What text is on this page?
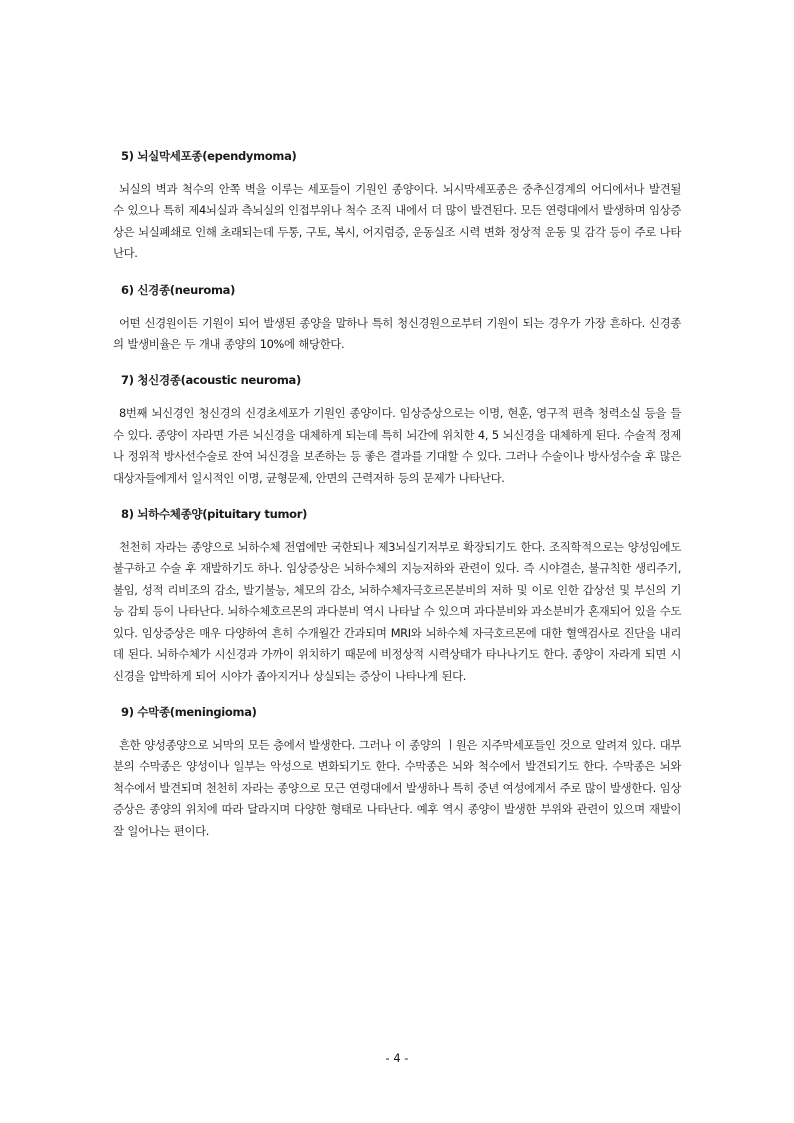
5) 뇌실막세포종(ependymoma)

뇌실의 벽과 척수의 안쪽 벽을 이루는 세포들이 기원인 종양이다. 뇌시막세포종은 중추신경계의 어디에서나 발견될 수 있으나 특히 제4뇌실과 측뇌실의 인접부위나 척수 조직 내에서 더 많이 발견된다. 모든 연령대에서 발생하며 임상증상은 뇌실폐쇄로 인해 초래되는데 두통, 구토, 복시, 어지럼증, 운동실조 시력 변화 정상적 운동 및 감각 등이 주로 나타난다.

6) 신경종(neuroma)

어떤 신경원이든 기원이 되어 발생된 종양을 말하나 특히 청신경원으로부터 기원이 되는 경우가 가장 흔하다. 신경종의 발생비율은 두 개내 종양의 10%에 해당한다.

7) 청신경종(acoustic neuroma)

8번째 뇌신경인 청신경의 신경초세포가 기원인 종양이다. 임상증상으로는 이명, 현훈, 영구적 편측 청력소실 등을 들 수 있다. 종양이 자라면 가른 뇌신경을 대체하게 되는데 특히 뇌간에 위치한 4, 5 뇌신경을 대체하게 된다. 수술적 정제나 정위적 방사선수술로 잔여 뇌신경을 보존하는 등 좋은 결과를 기대할 수 있다. 그러나 수술이나 방사성수술 후 많은 대상자들에게서 일시적인 이명, 균형문제, 안면의 근력저하 등의 문제가 나타난다.

8) 뇌하수체종양(pituitary tumor)

천천히 자라는 종양으로 뇌하수체 전엽에만 국한되나 제3뇌실기저부로 확장되기도 한다. 조직학적으로는 양성임에도 불구하고 수술 후 재발하기도 하나. 임상증상은 뇌하수체의 지능저하와 관련이 있다. 즉 시야결손, 불규칙한 생리주기, 불임, 성적 리비조의 감소, 발기불능, 체모의 감소, 뇌하수체자극호르몬분비의 저하 및 이로 인한 갑상선 및 부신의 기능 감퇴 등이 나타난다. 뇌하수체호르몬의 과다분비 역시 나타날 수 있으며 과다분비와 과소분비가 혼재되어 있을 수도 있다. 임상증상은 매우 다양하여 흔히 수개월간 간과되며 MRI와 뇌하수체 자극호르몬에 대한 혈액검사로 진단을 내리데 된다. 뇌하수체가 시신경과 가까이 위치하기 때문에 비정상적 시력상태가 타나나기도 한다. 종양이 자라게 되면 시신경을 압박하게 되어 시야가 좁아지거나 상실되는 증상이 나타나게 된다.

9) 수막종(meningioma)

흔한 양성종양으로 뇌막의 모든 층에서 발생한다. 그러나 이 종양의 ㅣ원은 지주막세포들인 것으로 알려져 있다. 대부분의 수막종은 양성이나 일부는 악성으로 변화되기도 한다. 수막종은 뇌와 척수에서 발견되기도 한다. 수막종은 뇌와 척수에서 발견되며 천천히 자라는 종양으로 모근 연령대에서 발생하나 특히 중년 여성에게서 주로 많이 발생한다. 임상증상은 종양의 위치에 따라 달라지며 다양한 형태로 나타난다. 예후 역시 종양이 발생한 부위와 관련이 있으며 재발이 잘 일어나는 편이다.

- 4 -
